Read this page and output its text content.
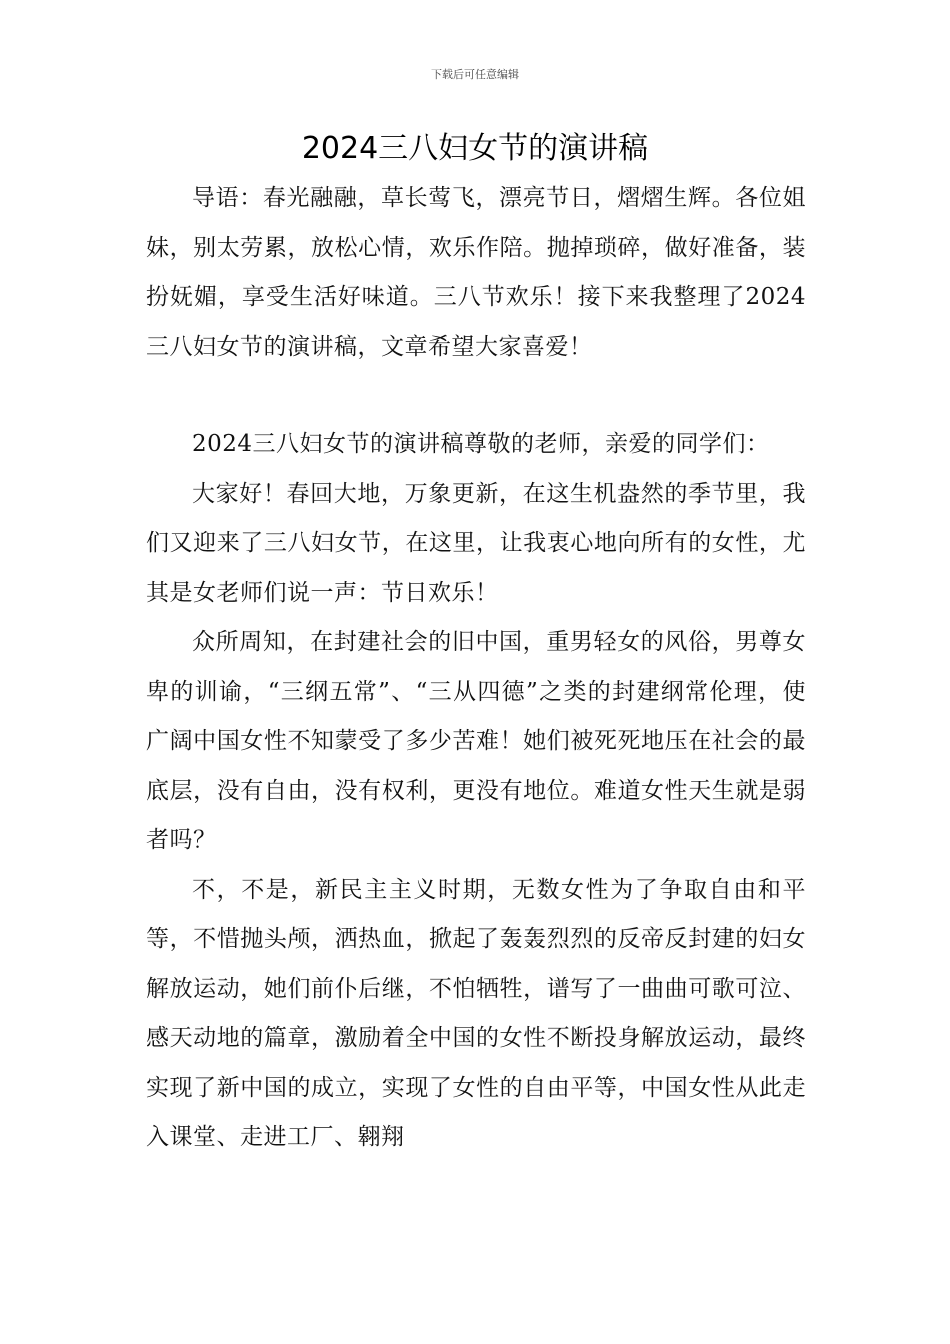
下载后可任意编辑
2024三八妇女节的演讲稿

导语：春光融融，草长莺飞，漂亮节日，熠熠生辉。各位姐妹，别太劳累，放松心情，欢乐作陪。抛掉琐碎，做好准备，装扮妩媚，享受生活好味道。三八节欢乐！接下来我整理了2024三八妇女节的演讲稿，文章希望大家喜爱！

2024三八妇女节的演讲稿尊敬的老师，亲爱的同学们：

大家好！春回大地，万象更新，在这生机盎然的季节里，我们又迎来了三八妇女节，在这里，让我衷心地向所有的女性，尤其是女老师们说一声：节日欢乐！

众所周知，在封建社会的旧中国，重男轻女的风俗，男尊女卑的训谕，“三纲五常”、“三从四德”之类的封建纲常伦理，使广阔中国女性不知蒙受了多少苦难！她们被死死地压在社会的最底层，没有自由，没有权利，更没有地位。难道女性天生就是弱者吗？

不，不是，新民主主义时期，无数女性为了争取自由和平等，不惜抛头颅，洒热血，掀起了轰轰烈烈的反帝反封建的妇女解放运动，她们前仆后继，不怕牺牲，谱写了一曲曲可歌可泣、感天动地的篇章，激励着全中国的女性不断投身解放运动，最终实现了新中国的成立，实现了女性的自由平等，中国女性从此走入课堂、走进工厂、翱翔
